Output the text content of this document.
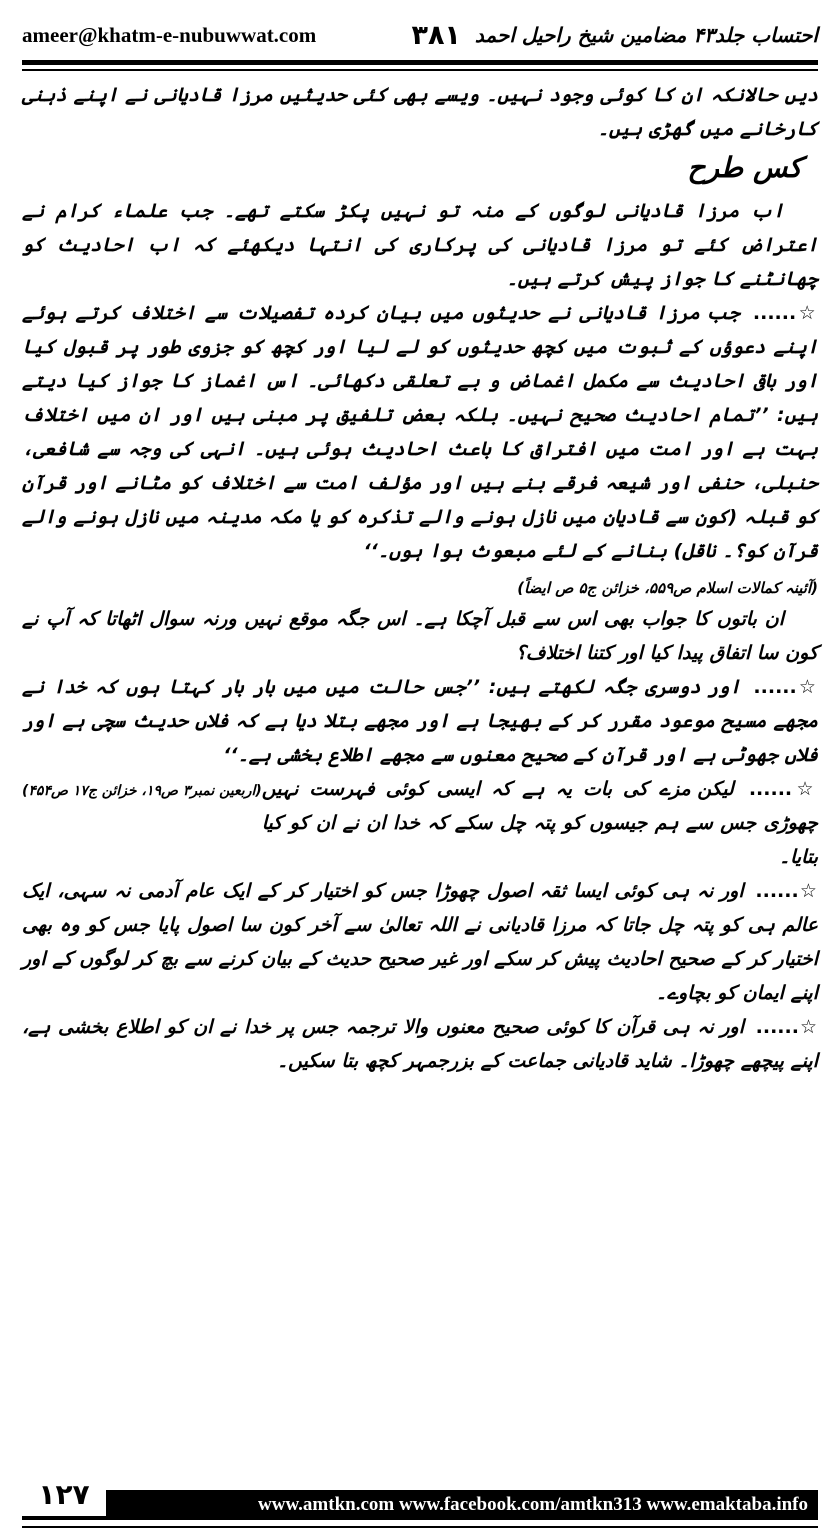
ameer@khatm-e-nubuwwat.com	احتساب جلد۴۳ مضامین شیخ راحیل احمد
۳۸۱

دیں حالانکہ ان کا کوئی وجود نہیں۔ ویسے بھی کئی حدیثیں مرزا قادیانی نے اپنے ذہنی کارخانے میں گھڑی ہیں۔

کس طرح

اب مرزا قادیانی لوگوں کے منہ تو نہیں پکڑ سکتے تھے۔ جب علماء کرام نے اعتراض کئے تو مرزا قادیانی کی پرکاری کی انتہا دیکھئے کہ اب احادیث کو چھانٹنے کا جواز پیش کرتے ہیں۔

☆...... جب مرزا قادیانی نے حدیثوں میں بیان کردہ تفصیلات سے اختلاف کرتے ہوئے اپنے دعوؤں کے ثبوت میں کچھ حدیثوں کو لے لیا اور کچھ کو جزوی طور پر قبول کیا اور باقی احادیث سے مکمل اغماض و بے تعلقی دکھائی۔ اس اغماز کا جواز کیا دیتے ہیں: ’’تمام احادیث صحیح نہیں۔ بلکہ بعض تلفیق پر مبنی ہیں اور ان میں اختلاف بہت ہے اور امت میں افتراق کا باعث احادیث ہوئی ہیں۔ انہی کی وجہ سے شافعی، حنبلی، حنفی اور شیعہ فرقے بنے ہیں اور مؤلف امت سے اختلاف کو مٹانے اور قرآن کو قبلہ (کون سے قادیان میں نازل ہونے والے تذکرہ کو یا مکہ مدینہ میں نازل ہونے والے قرآن کو؟۔ ناقل) بنانے کے لئے مبعوث ہوا ہوں۔‘‘

(آئینہ کمالات اسلام ص۵۵۹، خزائن ج۵ ص ایضاً)

ان باتوں کا جواب بھی اس سے قبل آچکا ہے۔ اس جگہ موقع نہیں ورنہ سوال اٹھاتا کہ آپ نے کون سا اتفاق پیدا کیا اور کتنا اختلاف؟

☆...... اور دوسری جگہ لکھتے ہیں: ’’جس حالت میں میں بار بار کہتا ہوں کہ خدا نے مجھے مسیح موعود مقرر کر کے بھیجا ہے اور مجھے بتلا دیا ہے کہ فلاں حدیث سچی ہے اور فلاں جھوٹی ہے اور قرآن کے صحیح معنوں سے مجھے اطلاع بخشی ہے۔‘‘
(اربعین نمبر۳ ص۱۹، خزائن ج۱۷ ص۴۵۴)	☆...... لیکن مزے کی بات یہ ہے کہ ایسی کوئی فہرست نہیں چھوڑی جس سے ہم جیسوں کو پتہ چل سکے کہ خدا ان نے ان کو کیا بتایا۔

☆...... اور نہ ہی کوئی ایسا ثقہ اصول چھوڑا جس کو اختیار کر کے ایک عام آدمی نہ سہی، ایک عالم ہی کو پتہ چل جاتا کہ مرزا قادیانی نے اللہ تعالیٰ سے آخر کون سا اصول پایا جس کو وہ بھی اختیار کر کے صحیح احادیث پیش کر سکے اور غیر صحیح حدیث کے بیان کرنے سے بچ کر لوگوں کے اور اپنے ایمان کو بچاوے۔

☆...... اور نہ ہی قرآن کا کوئی صحیح معنوں والا ترجمہ جس پر خدا نے ان کو اطلاع بخشی ہے، اپنے پیچھے چھوڑا۔ شاید قادیانی جماعت کے بزرجمہر کچھ بتا سکیں۔

www.amtkn.com www.facebook.com/amtkn313 www.emaktaba.info
۱۲۷
